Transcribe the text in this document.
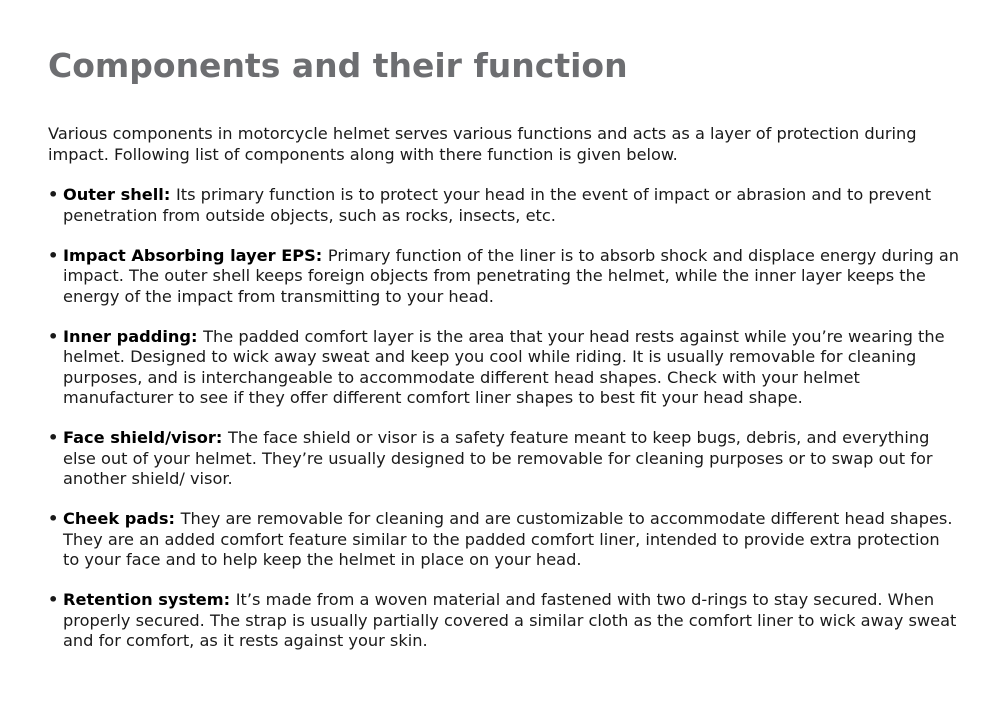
Components and their function

Various components in motorcycle helmet serves various functions and acts as a layer of protection during impact. Following list of components along with there function is given below.

• Outer shell: Its primary function is to protect your head in the event of impact or abrasion and to prevent penetration from outside objects, such as rocks, insects, etc.
• Impact Absorbing layer EPS: Primary function of the liner is to absorb shock and displace energy during an impact. The outer shell keeps foreign objects from penetrating the helmet, while the inner layer keeps the energy of the impact from transmitting to your head.
• Inner padding: The padded comfort layer is the area that your head rests against while you’re wearing the helmet. Designed to wick away sweat and keep you cool while riding. It is usually removable for cleaning purposes, and is interchangeable to accommodate different head shapes. Check with your helmet manufacturer to see if they offer different comfort liner shapes to best fit your head shape.
• Face shield/visor: The face shield or visor is a safety feature meant to keep bugs, debris, and everything else out of your helmet. They’re usually designed to be removable for cleaning purposes or to swap out for another shield/ visor.
• Cheek pads: They are removable for cleaning and are customizable to accommodate different head shapes. They are an added comfort feature similar to the padded comfort liner, intended to provide extra protection to your face and to help keep the helmet in place on your head.
• Retention system: It’s made from a woven material and fastened with two d-rings to stay secured. When properly secured. The strap is usually partially covered a similar cloth as the comfort liner to wick away sweat and for comfort, as it rests against your skin.
